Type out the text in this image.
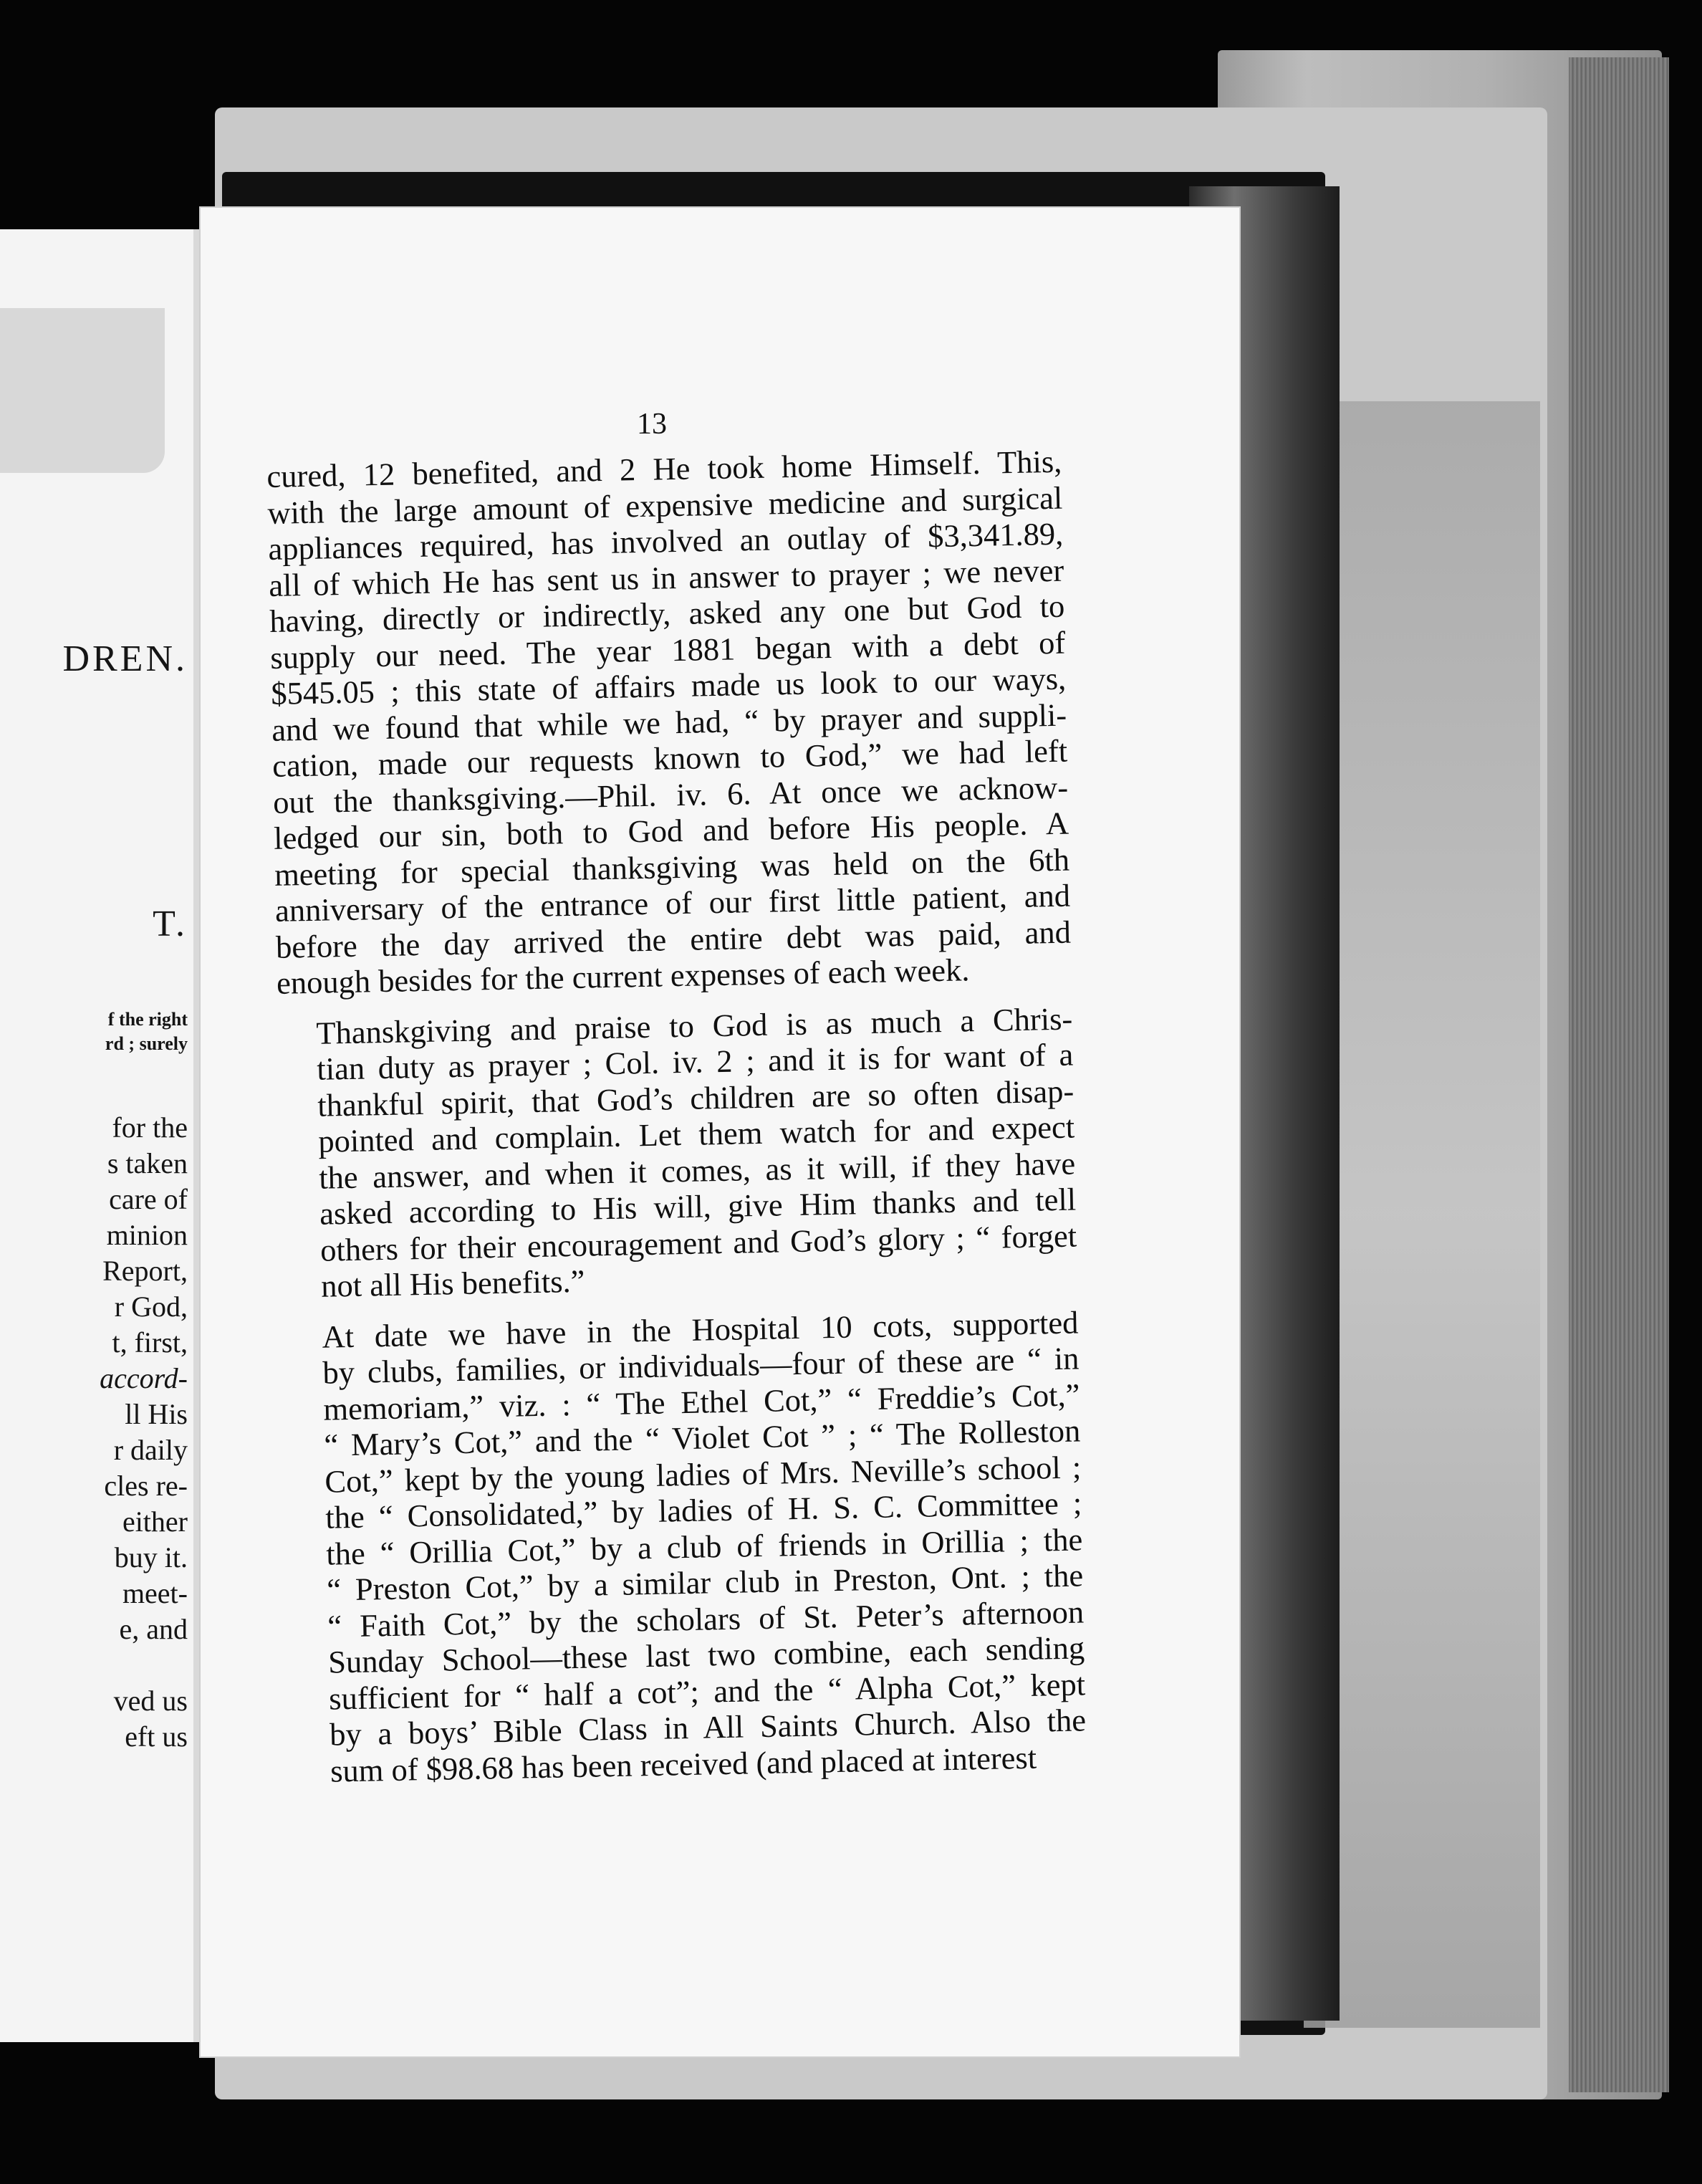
DREN.
T.
f the right
rd ; surely
for the
s taken
care of
minion
Report,
r God,
t, first,
accord-
ll His
r daily
cles re-
either
buy it.
meet-
e, and
ved us
eft us
13
cured, 12 benefited, and 2 He took home Himself. This,
with the large amount of expensive medicine and surgical
appliances required, has involved an outlay of $3,341.89,
all of which He has sent us in answer to prayer ; we never
having, directly or indirectly, asked any one but God to
supply our need. The year 1881 began with a debt of
$545.05 ; this state of affairs made us look to our ways,
and we found that while we had, “ by prayer and suppli-
cation, made our requests known to God,” we had left
out the thanksgiving.—Phil. iv. 6. At once we acknow-
ledged our sin, both to God and before His people. A
meeting for special thanksgiving was held on the 6th
anniversary of the entrance of our first little patient, and
before the day arrived the entire debt was paid, and
enough besides for the current expenses of each week.
Thanskgiving and praise to God is as much a Chris-
tian duty as prayer ; Col. iv. 2 ; and it is for want of a
thankful spirit, that God’s children are so often disap-
pointed and complain. Let them watch for and expect
the answer, and when it comes, as it will, if they have
asked according to His will, give Him thanks and tell
others for their encouragement and God’s glory ; “ forget
not all His benefits.”
At date we have in the Hospital 10 cots, supported
by clubs, families, or individuals—four of these are “ in
memoriam,” viz. : “ The Ethel Cot,” “ Freddie’s Cot,”
“ Mary’s Cot,” and the “ Violet Cot ” ; “ The Rolleston
Cot,” kept by the young ladies of Mrs. Neville’s school ;
the “ Consolidated,” by ladies of H. S. C. Committee ;
the “ Orillia Cot,” by a club of friends in Orillia ; the
“ Preston Cot,” by a similar club in Preston, Ont. ; the
“ Faith Cot,” by the scholars of St. Peter’s afternoon
Sunday School—these last two combine, each sending
sufficient for “ half a cot”; and the “ Alpha Cot,” kept
by a boys’ Bible Class in All Saints Church. Also the
sum of $98.68 has been received (and placed at interest
